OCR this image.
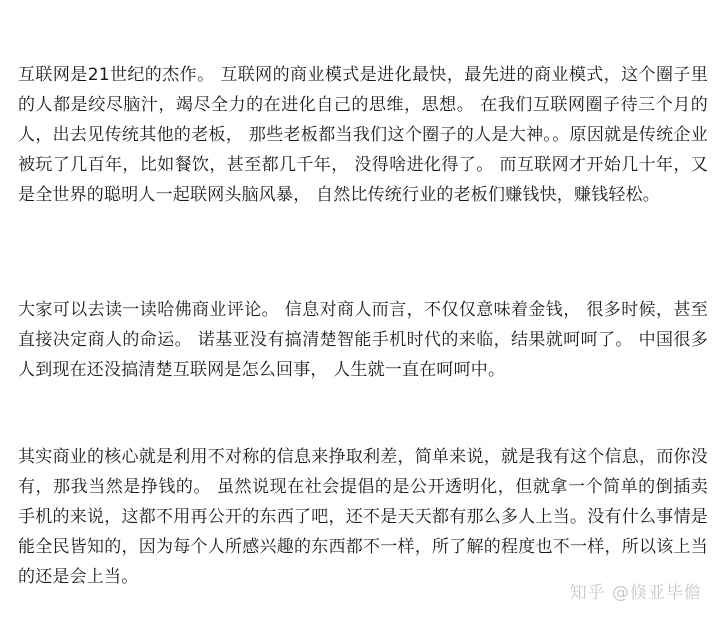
互联网是21世纪的杰作。 互联网的商业模式是进化最快，最先进的商业模式，这个圈子里的人都是绞尽脑汁，竭尽全力的在进化自己的思维，思想。 在我们互联网圈子待三个月的人，出去见传统其他的老板， 那些老板都当我们这个圈子的人是大神。。原因就是传统企业被玩了几百年，比如餐饮，甚至都几千年， 没得啥进化得了。 而互联网才开始几十年，又是全世界的聪明人一起联网头脑风暴， 自然比传统行业的老板们赚钱快，赚钱轻松。

大家可以去读一读哈佛商业评论。 信息对商人而言，不仅仅意味着金钱， 很多时候，甚至直接决定商人的命运。 诺基亚没有搞清楚智能手机时代的来临，结果就呵呵了。 中国很多人到现在还没搞清楚互联网是怎么回事， 人生就一直在呵呵中。

其实商业的核心就是利用不对称的信息来挣取利差，简单来说，就是我有这个信息，而你没有，那我当然是挣钱的。 虽然说现在社会提倡的是公开透明化，但就拿一个简单的倒插卖手机的来说，这都不用再公开的东西了吧，还不是天天都有那么多人上当。没有什么事情是能全民皆知的，因为每个人所感兴趣的东西都不一样，所了解的程度也不一样，所以该上当的还是会上当。

知乎 @倏亚毕儋
